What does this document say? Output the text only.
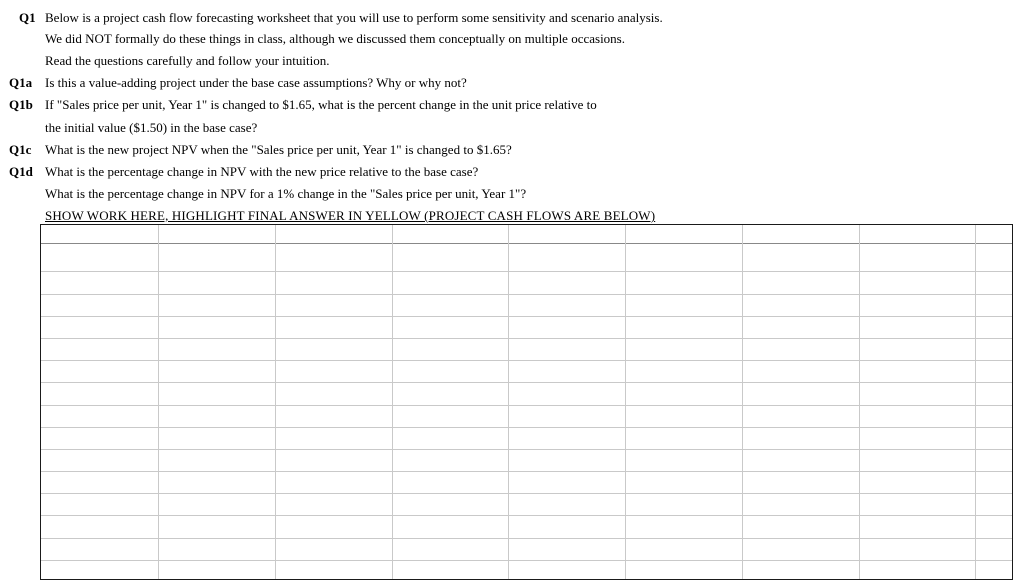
Q1 Below is a project cash flow forecasting worksheet that you will use to perform some sensitivity and scenario analysis.
We did NOT formally do these things in class, although we discussed them conceptually on multiple occasions.
Read the questions carefully and follow your intuition.
Q1a Is this a value-adding project under the base case assumptions? Why or why not?
Q1b If "Sales price per unit, Year 1" is changed to $1.65, what is the percent change in the unit price relative to
the initial value ($1.50) in the base case?
Q1c What is the new project NPV when the "Sales price per unit, Year 1" is changed to $1.65?
Q1d What is the percentage change in NPV with the new price relative to the base case?
What is the percentage change in NPV for a 1% change in the "Sales price per unit, Year 1"?
SHOW WORK HERE, HIGHLIGHT FINAL ANSWER IN YELLOW (PROJECT CASH FLOWS ARE BELOW)
